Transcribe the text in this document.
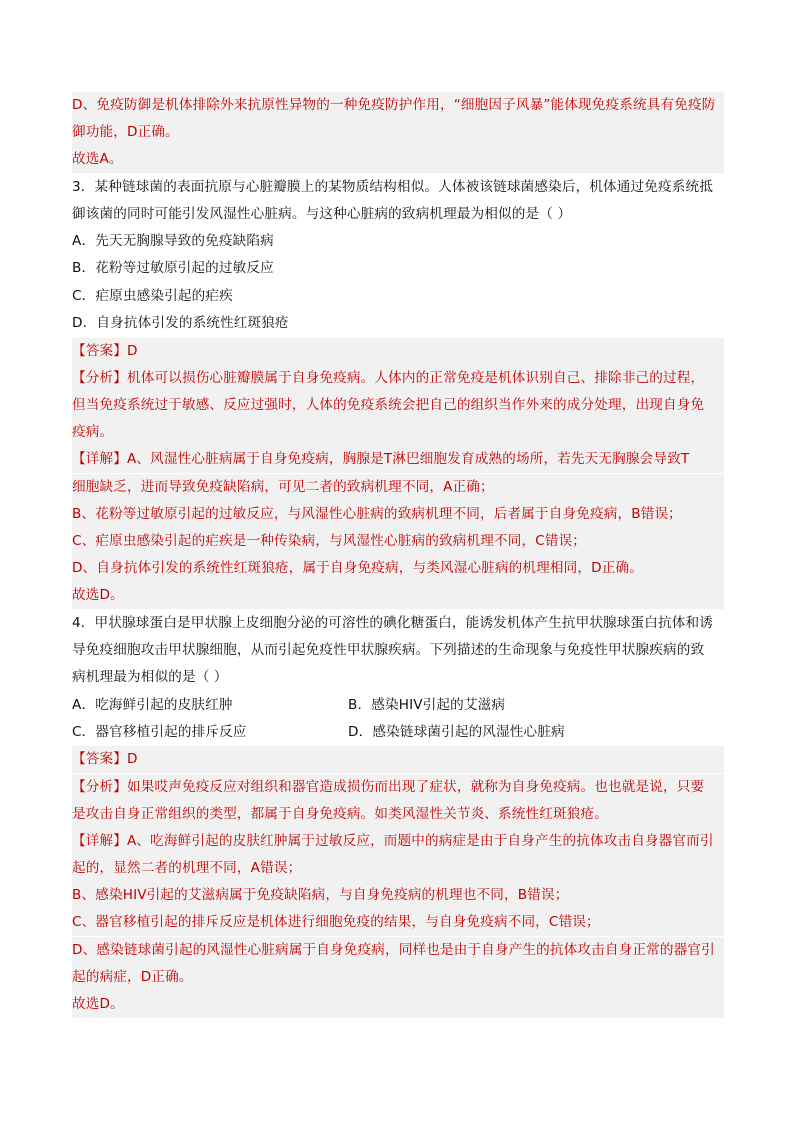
D、免疫防御是机体排除外来抗原性异物的一种免疫防护作用，“细胞因子风暴”能体现免疫系统具有免疫防
御功能，D正确。
故选A。
3．某种链球菌的表面抗原与心脏瓣膜上的某物质结构相似。人体被该链球菌感染后，机体通过免疫系统抵
御该菌的同时可能引发风湿性心脏病。与这种心脏病的致病机理最为相似的是（ ）
A．先天无胸腺导致的免疫缺陷病
B．花粉等过敏原引起的过敏反应
C．疟原虫感染引起的疟疾
D．自身抗体引发的系统性红斑狼疮
【答案】D
【分析】机体可以损伤心脏瓣膜属于自身免疫病。人体内的正常免疫是机体识别自己、排除非己的过程，
但当免疫系统过于敏感、反应过强时，人体的免疫系统会把自己的组织当作外来的成分处理，出现自身免
疫病。
【详解】A、风湿性心脏病属于自身免疫病，胸腺是T淋巴细胞发育成熟的场所，若先天无胸腺会导致T
细胞缺乏，进而导致免疫缺陷病，可见二者的致病机理不同，A正确；
B、花粉等过敏原引起的过敏反应，与风湿性心脏病的致病机理不同，后者属于自身免疫病，B错误；
C、疟原虫感染引起的疟疾是一种传染病，与风湿性心脏病的致病机理不同，C错误；
D、自身抗体引发的系统性红斑狼疮，属于自身免疫病，与类风湿心脏病的机理相同，D正确。
故选D。
4．甲状腺球蛋白是甲状腺上皮细胞分泌的可溶性的碘化糖蛋白，能诱发机体产生抗甲状腺球蛋白抗体和诱
导免疫细胞攻击甲状腺细胞，从而引起免疫性甲状腺疾病。下列描述的生命现象与免疫性甲状腺疾病的致
病机理最为相似的是（ ）
A．吃海鲜引起的皮肤红肿	B．感染HIV引起的艾滋病
C．器官移植引起的排斥反应	D．感染链球菌引起的风湿性心脏病
【答案】D
【分析】如果哎声免疫反应对组织和器官造成损伤而出现了症状，就称为自身免疫病。也也就是说，只要
是攻击自身正常组织的类型，都属于自身免疫病。如类风湿性关节炎、系统性红斑狼疮。
【详解】A、吃海鲜引起的皮肤红肿属于过敏反应，而题中的病症是由于自身产生的抗体攻击自身器官而引
起的，显然二者的机理不同，A错误；
B、感染HIV引起的艾滋病属于免疫缺陷病，与自身免疫病的机理也不同，B错误；
C、器官移植引起的排斥反应是机体进行细胞免疫的结果，与自身免疫病不同，C错误；
D、感染链球菌引起的风湿性心脏病属于自身免疫病，同样也是由于自身产生的抗体攻击自身正常的器官引
起的病症，D正确。
故选D。
